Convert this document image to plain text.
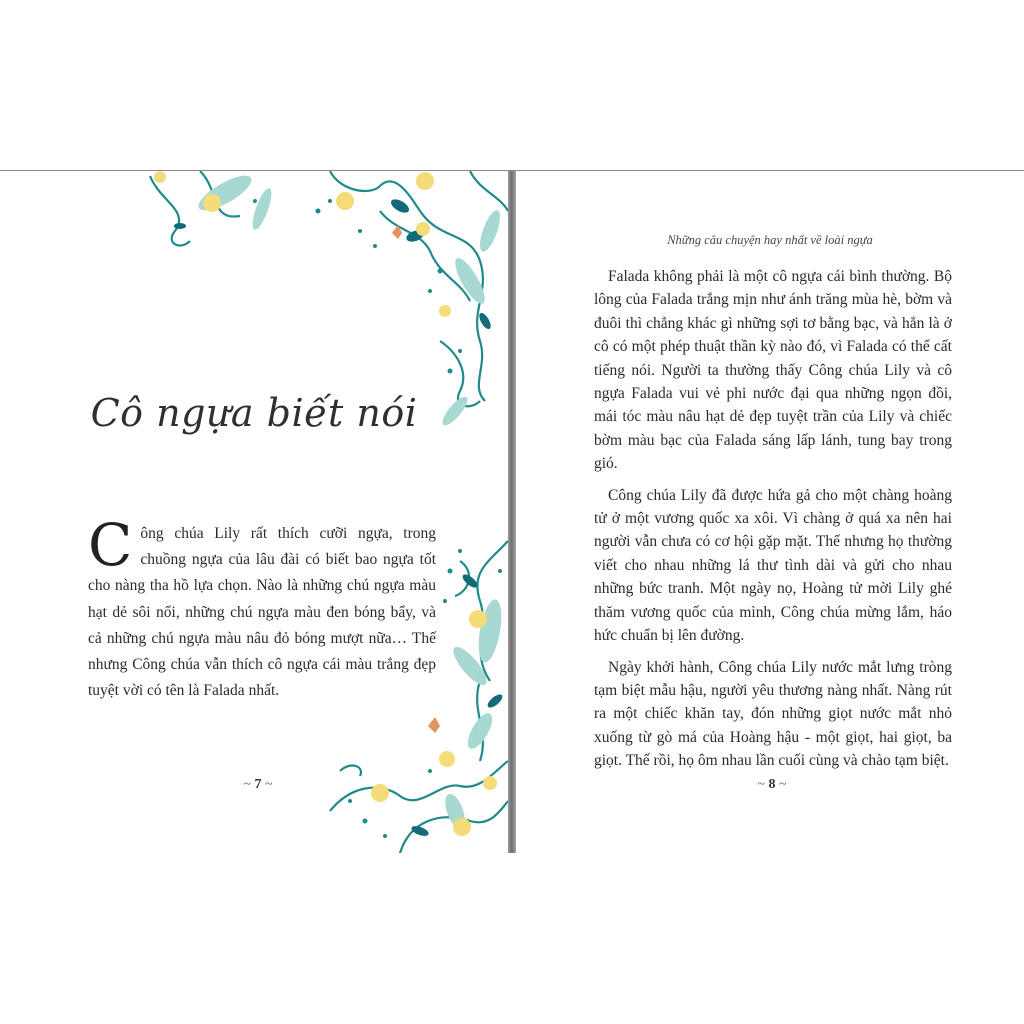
Cô ngựa biết nói
C ông chúa Lily rất thích cưỡi ngựa, trong chuồng ngựa của lâu đài có biết bao ngựa tốt cho nàng tha hồ lựa chọn. Nào là những chú ngựa màu hạt dẻ sôi nổi, những chú ngựa màu đen bóng bẩy, và cả những chú ngựa màu nâu đỏ bóng mượt nữa… Thế nhưng Công chúa vẫn thích cô ngựa cái màu trắng đẹp tuyệt vời có tên là Falada nhất.
~ 7 ~
Những câu chuyện hay nhất về loài ngựa

Falada không phải là một cô ngựa cái bình thường. Bộ lông của Falada trắng mịn như ánh trăng mùa hè, bờm và đuôi thì chẳng khác gì những sợi tơ bằng bạc, và hẳn là ở cô có một phép thuật thần kỳ nào đó, vì Falada có thể cất tiếng nói. Người ta thường thấy Công chúa Lily và cô ngựa Falada vui vẻ phi nước đại qua những ngọn đồi, mái tóc màu nâu hạt dẻ đẹp tuyệt trần của Lily và chiếc bờm màu bạc của Falada sáng lấp lánh, tung bay trong gió.

Công chúa Lily đã được hứa gả cho một chàng hoàng tử ở một vương quốc xa xôi. Vì chàng ở quá xa nên hai người vẫn chưa có cơ hội gặp mặt. Thế nhưng họ thường viết cho nhau những lá thư tình dài và gửi cho nhau những bức tranh. Một ngày nọ, Hoàng tử mời Lily ghé thăm vương quốc của mình, Công chúa mừng lắm, háo hức chuẩn bị lên đường.

Ngày khởi hành, Công chúa Lily nước mắt lưng tròng tạm biệt mẫu hậu, người yêu thương nàng nhất. Nàng rút ra một chiếc khăn tay, đón những giọt nước mắt nhỏ xuống từ gò má của Hoàng hậu - một giọt, hai giọt, ba giọt. Thế rồi, họ ôm nhau lần cuối cùng và chào tạm biệt.

~ 8 ~
